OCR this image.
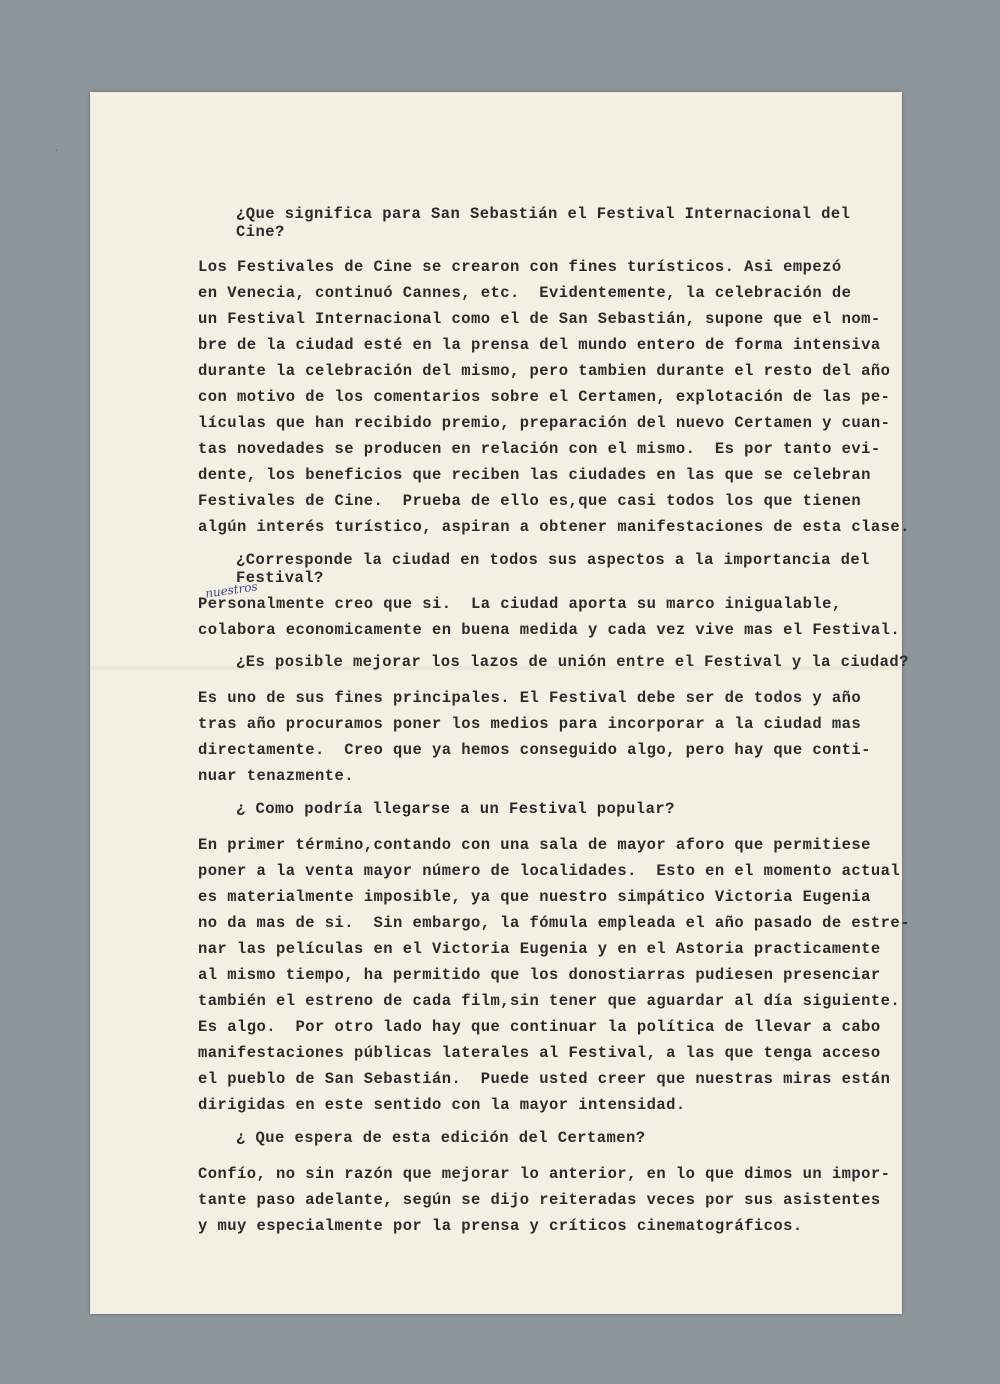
¿Que significa para San Sebastián el Festival Internacional del
Cine?
Los Festivales de Cine se crearon con fines turísticos. Asi empezó
en Venecia, continuó Cannes, etc.  Evidentemente, la celebración de
un Festival Internacional como el de San Sebastián, supone que el nom-
bre de la ciudad esté en la prensa del mundo entero de forma intensiva
durante la celebración del mismo, pero tambien durante el resto del año
con motivo de los comentarios sobre el Certamen, explotación de las pe-
lículas que han recibido premio, preparación del nuevo Certamen y cuan-
tas novedades se producen en relación con el mismo.  Es por tanto evi-
dente, los beneficios que reciben las ciudades en las que se celebran
Festivales de Cine.  Prueba de ello es,que casi todos los que tienen
algún interés turístico, aspiran a obtener manifestaciones de esta clase.
¿Corresponde la ciudad en todos sus aspectos a la importancia del
Festival?
Personalmente creo que si.  La ciudad aporta su marco inigualable,
colabora economicamente en buena medida y cada vez vive mas el Festival.
¿Es posible mejorar los lazos de unión entre el Festival y la ciudad?
Es uno de sus fines principales. El Festival debe ser de todos y año
tras año procuramos poner los medios para incorporar a la ciudad mas
directamente.  Creo que ya hemos conseguido algo, pero hay que conti-
nuar tenazmente.
¿ Como podría llegarse a un Festival popular?
En primer término,contando con una sala de mayor aforo que permitiese
poner a la venta mayor número de localidades.  Esto en el momento actual
es materialmente imposible, ya que nuestro simpático Victoria Eugenia
no da mas de si.  Sin embargo, la fómula empleada el año pasado de estre-
nar las películas en el Victoria Eugenia y en el Astoria practicamente
al mismo tiempo, ha permitido que los donostiarras pudiesen presenciar
también el estreno de cada film,sin tener que aguardar al día siguiente.
Es algo.  Por otro lado hay que continuar la política de llevar a cabo
manifestaciones públicas laterales al Festival, a las que tenga acceso
el pueblo de San Sebastián.  Puede usted creer que nuestras miras están
dirigidas en este sentido con la mayor intensidad.
¿ Que espera de esta edición del Certamen?
Confío, no sin razón que mejorar lo anterior, en lo que dimos un impor-
tante paso adelante, según se dijo reiteradas veces por sus asistentes
y muy especialmente por la prensa y críticos cinematográficos.
nuestros
·
